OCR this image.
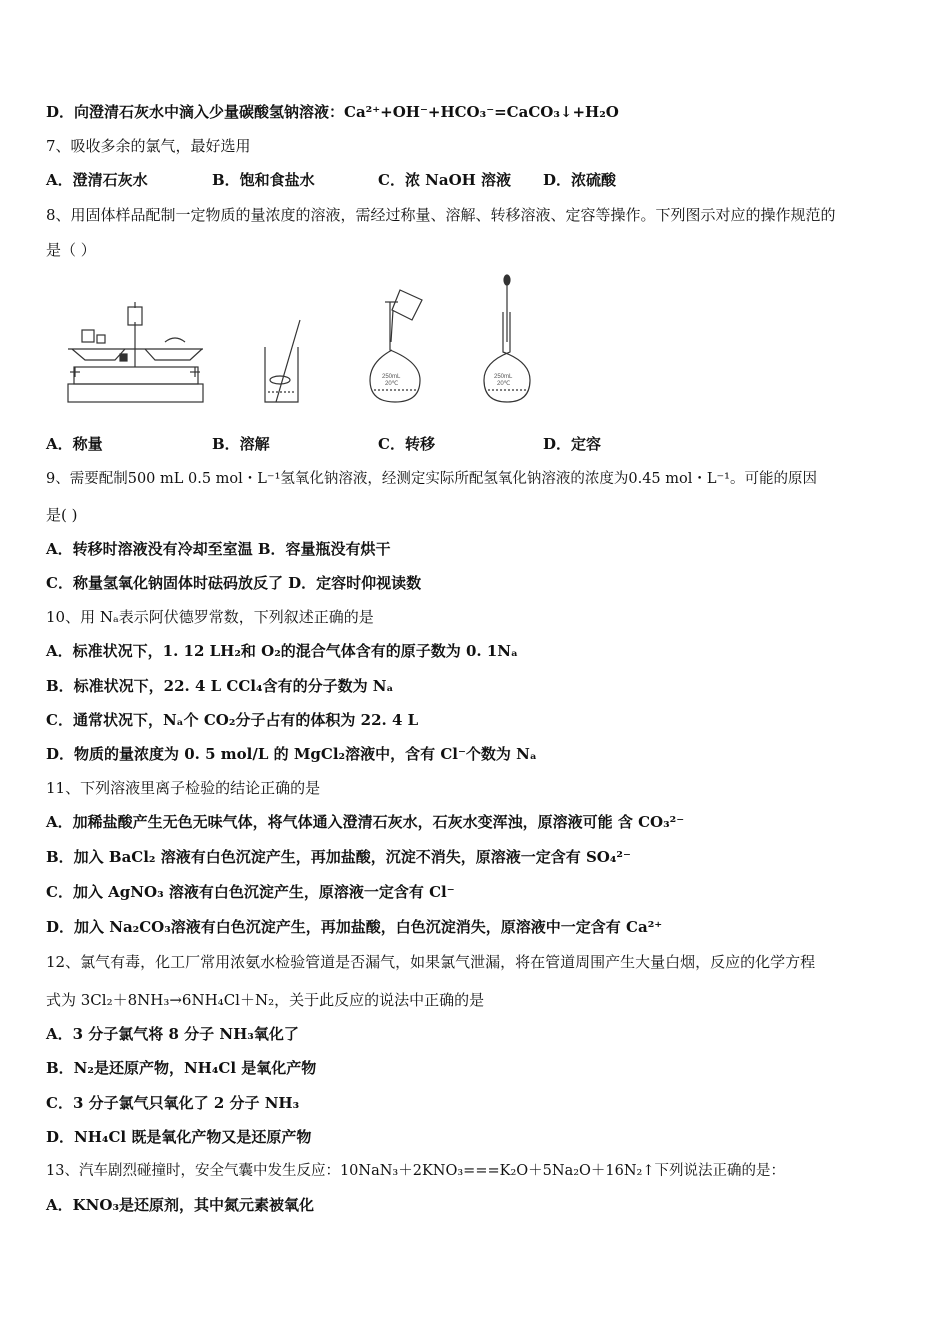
D．向澄清石灰水中滴入少量碳酸氢钠溶液：Ca²⁺+OH⁻+HCO₃⁻=CaCO₃↓+H₂O
7、吸收多余的氯气，最好选用
A．澄清石灰水	B．饱和食盐水	C．浓 NaOH 溶液 D．浓硫酸
8、用固体样品配制一定物质的量浓度的溶液，需经过称量、溶解、转移溶液、定容等操作。下列图示对应的操作规范的
是（ ）
250mL
20℃
250mL
20℃
A．称量	B．溶解	C．转移	D．定容
9、需要配制500 mL 0.5 mol・L⁻¹氢氧化钠溶液，经测定实际所配氢氧化钠溶液的浓度为0.45 mol・L⁻¹。可能的原因
是( )
A．转移时溶液没有冷却至室温 B．容量瓶没有烘干
C．称量氢氧化钠固体时砝码放反了 D．定容时仰视读数
10、用 Nₐ表示阿伏德罗常数，下列叙述正确的是
A．标准状况下，1. 12 LH₂和 O₂的混合气体含有的原子数为 0. 1Nₐ
B．标准状况下，22. 4 L CCl₄含有的分子数为 Nₐ
C．通常状况下，Nₐ个 CO₂分子占有的体积为 22. 4 L
D．物质的量浓度为 0. 5 mol/L 的 MgCl₂溶液中，含有 Cl⁻个数为 Nₐ
11、下列溶液里离子检验的结论正确的是
A．加稀盐酸产生无色无味气体，将气体通入澄清石灰水，石灰水变浑浊，原溶液可能 含 CO₃²⁻
B．加入 BaCl₂ 溶液有白色沉淀产生，再加盐酸，沉淀不消失，原溶液一定含有 SO₄²⁻
C．加入 AgNO₃ 溶液有白色沉淀产生，原溶液一定含有 Cl⁻
D．加入 Na₂CO₃溶液有白色沉淀产生，再加盐酸，白色沉淀消失，原溶液中一定含有 Ca²⁺
12、氯气有毒，化工厂常用浓氨水检验管道是否漏气，如果氯气泄漏，将在管道周围产生大量白烟，反应的化学方程
式为 3Cl₂＋8NH₃→6NH₄Cl＋N₂，关于此反应的说法中正确的是
A．3 分子氯气将 8 分子 NH₃氧化了
B．N₂是还原产物，NH₄Cl 是氧化产物
C．3 分子氯气只氧化了 2 分子 NH₃
D．NH₄Cl 既是氧化产物又是还原产物
13、汽车剧烈碰撞时，安全气囊中发生反应：10NaN₃＋2KNO₃===K₂O＋5Na₂O＋16N₂↑下列说法正确的是：
A．KNO₃是还原剂，其中氮元素被氧化
